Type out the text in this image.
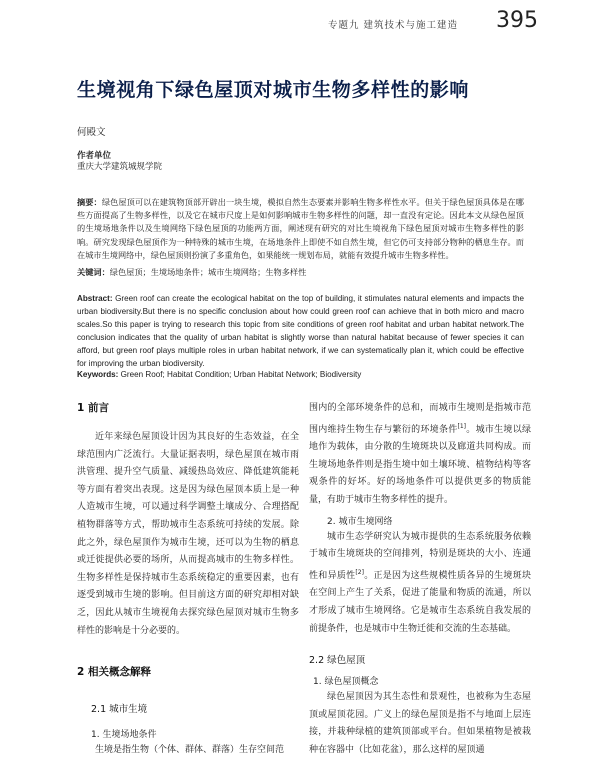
专题九 建筑技术与施工建造 395
生境视角下绿色屋顶对城市生物多样性的影响
何殿文
作者单位
重庆大学建筑城规学院
摘要：绿色屋顶可以在建筑物顶部开辟出一块生境，模拟自然生态要素并影响生物多样性水平。但关于绿色屋顶具体是在哪些方面提高了生物多样性，以及它在城市尺度上是如何影响城市生物多样性的问题，却一直没有定论。因此本文从绿色屋顶的生境场地条件以及生境网络下绿色屋顶的功能两方面，阐述现有研究的对比生境视角下绿色屋顶对城市生物多样性的影响。研究发现绿色屋顶作为一种特殊的城市生境，在场地条件上即使不如自然生境，但它仍可支持部分物种的栖息生存。而在城市生境网络中，绿色屋顶则扮演了多重角色，如果能统一规划布局，就能有效提升城市生物多样性。
关键词：绿色屋顶；生境场地条件；城市生境网络；生物多样性
Abstract: Green roof can create the ecological habitat on the top of building, it stimulates natural elements and impacts the urban biodiversity.But there is no specific conclusion about how could green roof can achieve that in both micro and macro scales.So this paper is trying to research this topic from site conditions of green roof habitat and urban habitat network.The conclusion indicates that the quality of urban habitat is slightly worse than natural habitat because of fewer species it can afford, but green roof plays multiple roles in urban habitat network, if we can systematically plan it, which could be effective for improving the urban biodiversity.
Keywords: Green Roof; Habitat Condition; Urban Habitat Network; Biodiversity

1 前言

近年来绿色屋顶设计因为其良好的生态效益，在全球范围内广泛流行。大量证据表明，绿色屋顶在城市雨洪管理、提升空气质量、减缓热岛效应、降低建筑能耗等方面有着突出表现。这是因为绿色屋顶本质上是一种人造城市生境，可以通过科学调整土壤成分、合理搭配植物群落等方式，帮助城市生态系统可持续的发展。除此之外，绿色屋顶作为城市生境，还可以为生物的栖息或迁徙提供必要的场所，从而提高城市的生物多样性。生物多样性是保持城市生态系统稳定的重要因素，也有逐受到城市生境的影响。但目前这方面的研究却相对缺乏，因此从城市生境视角去探究绿色屋顶对城市生物多样性的影响是十分必要的。

2 相关概念解释

2.1 城市生境

1. 生境场地条件

生境是指生物（个体、群体、群落）生存空间范

围内的全部环境条件的总和，而城市生境则是指城市范围内维持生物生存与繁衍的环境条件[1]。城市生境以绿地作为载体，由分散的生境斑块以及廊道共同构成。而生境场地条件则是指生境中如土壤环境、植物结构等客观条件的好坏。好的场地条件可以提供更多的物质能量，有助于城市生物多样性的提升。

2. 城市生境网络

城市生态学研究认为城市提供的生态系统服务依赖于城市生境斑块的空间排列，特别是斑块的大小、连通性和异质性[2]。正是因为这些规模性质各异的生境斑块在空间上产生了关系，促进了能量和物质的流通，所以才形成了城市生境网络。它是城市生态系统自我发展的前提条件，也是城市中生物迁徙和交流的生态基础。

2.2 绿色屋顶

1. 绿色屋顶概念

绿色屋顶因为其生态性和景观性，也被称为生态屋顶或屋顶花园。广义上的绿色屋顶是指不与地面上层连接，并栽种绿植的建筑顶部或平台。但如果植物是被栽种在容器中（比如花盆），那么这样的屋顶通
